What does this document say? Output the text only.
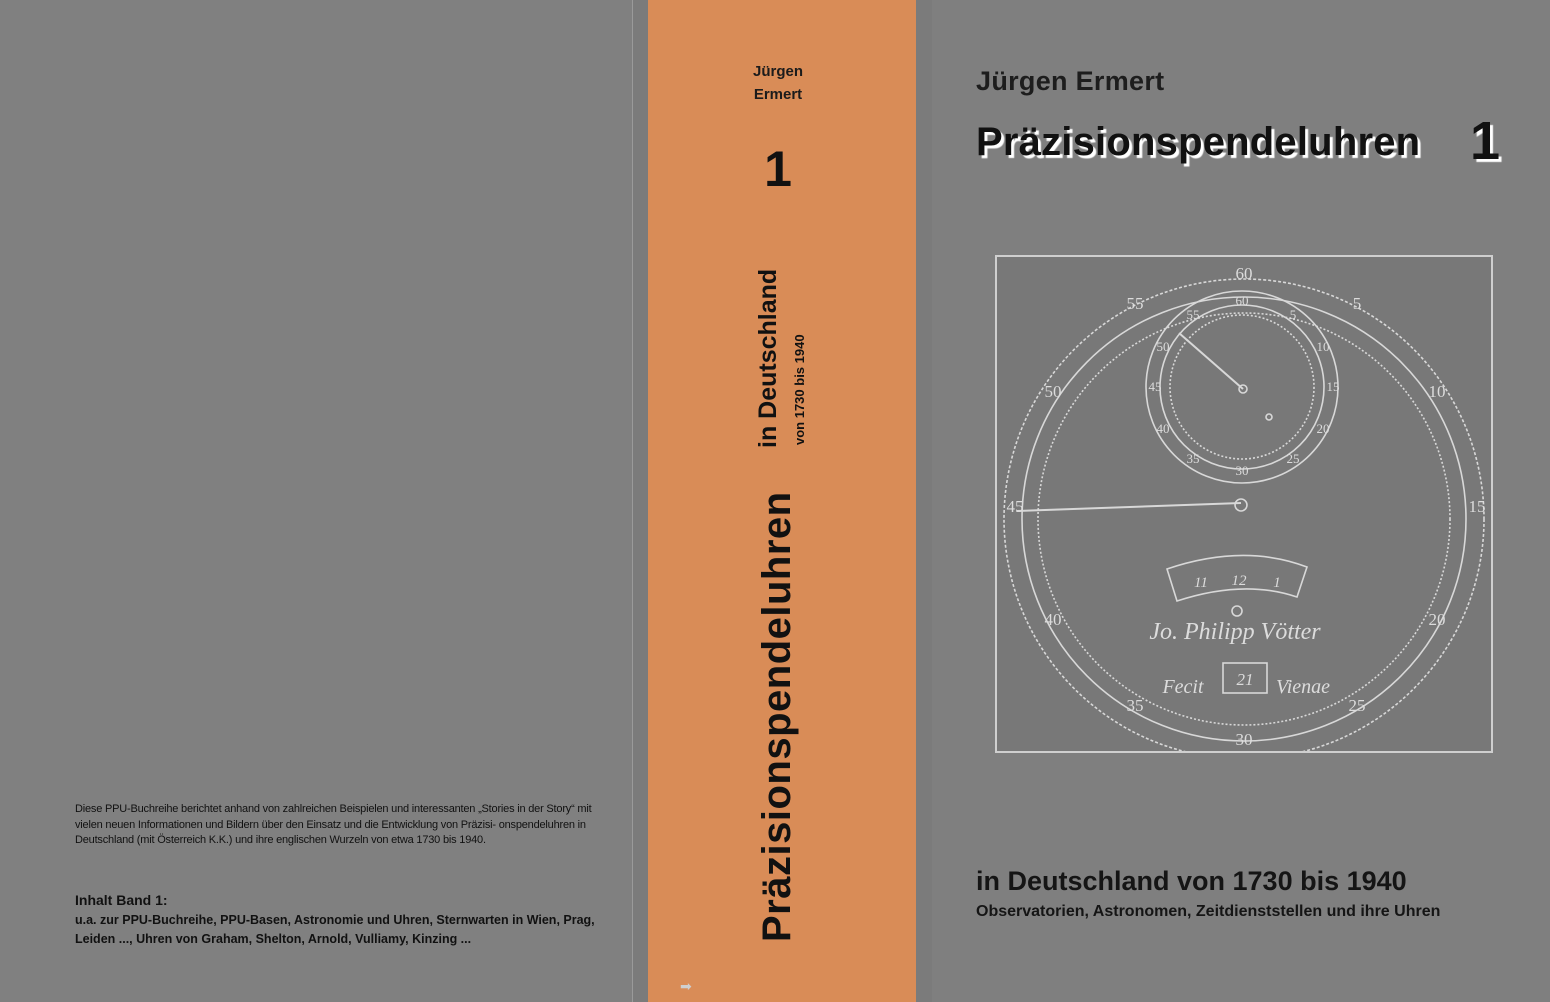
Diese PPU-Buchreihe berichtet anhand von zahlreichen Beispielen und interessanten „Stories in der Story“ mit vielen neuen Informationen und Bildern über den Einsatz und die Entwicklung von Präzisi- onspendeluhren in Deutschland (mit Österreich K.K.) und ihre englischen Wurzeln von etwa 1730 bis 1940.
Inhalt Band 1:
u.a. zur PPU-Buchreihe, PPU-Basen, Astronomie und Uhren, Sternwarten in Wien, Prag, Leiden ..., Uhren von Graham, Shelton, Arnold, Vulliamy, Kinzing ...
Jürgen
Ermert
1
Präzisionspendeluhren
in Deutschland von 1730 bis 1940
➡
Jürgen Ermert
Präzisionspendeluhren 1
60
5
10
15
20
25
30
35
40
45
50
55	60
5
10
15
20
25
30
35
40
45
50
55
11 12 1
Jo. Philipp Vötter
Fecit 21 Vienae
in Deutschland von 1730 bis 1940
Observatorien, Astronomen, Zeitdienststellen und ihre Uhren
